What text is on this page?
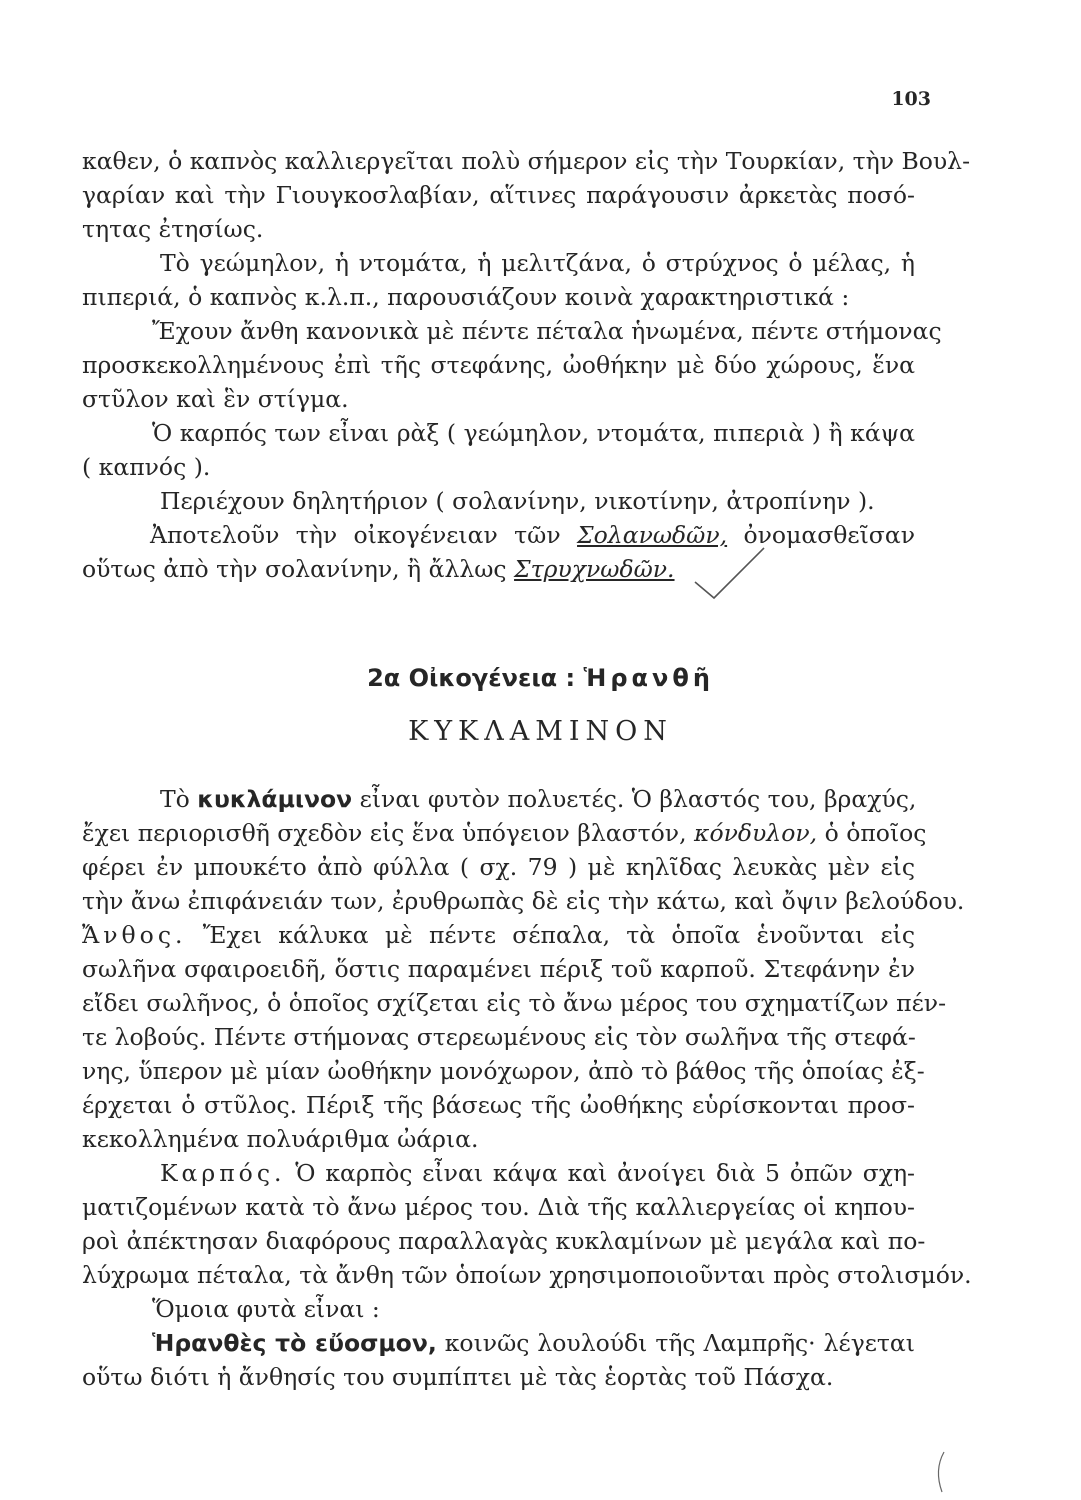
103
καθεν, ὁ καπνὸς καλλιεργεῖται πολὺ σήμερον εἰς τὴν Τουρκίαν, τὴν Βουλ-
γαρίαν καὶ τὴν Γιουγκοσλαβίαν, αἵτινες παράγουσιν ἀρκετὰς ποσό-
τητας ἐτησίως.
Τὸ γεώμηλον, ἡ ντομάτα, ἡ μελιτζάνα, ὁ στρύχνος ὁ μέλας, ἡ
πιπεριά, ὁ καπνὸς κ.λ.π., παρουσιάζουν κοινὰ χαρακτηριστικά :
Ἔχουν ἄνθη κανονικὰ μὲ πέντε πέταλα ἡνωμένα, πέντε στήμονας
προσκεκολλημένους ἐπὶ τῆς στεφάνης, ὠοθήκην μὲ δύο χώρους, ἕνα
στῦλον καὶ ἓν στίγμα.
Ὁ καρπός των εἶναι ρὰξ ( γεώμηλον, ντομάτα, πιπεριὰ ) ἢ κάψα
( καπνός ).
Περιέχουν δηλητήριον ( σολανίνην, νικοτίνην, ἀτροπίνην ).
Ἀποτελοῦν τὴν οἰκογένειαν τῶν Σολανωδῶν, ὀνομασθεῖσαν
οὕτως ἀπὸ τὴν σολανίνην, ἢ ἄλλως Στρυχνωδῶν.
2α Οἰκογένεια : Ἡρανθῆ
ΚΥΚΛΑΜΙΝΟΝ
Τὸ κυκλάμινον εἶναι φυτὸν πολυετές. Ὁ βλαστός του, βραχύς,
ἔχει περιορισθῆ σχεδὸν εἰς ἕνα ὑπόγειον βλαστόν, κόνδυλον, ὁ ὁποῖος
φέρει ἐν μπουκέτο ἀπὸ φύλλα ( σχ. 79 ) μὲ κηλῖδας λευκὰς μὲν εἰς
τὴν ἄνω ἐπιφάνειάν των, ἐρυθρωπὰς δὲ εἰς τὴν κάτω, καὶ ὄψιν βελούδου.
Ἄνθος. Ἔχει κάλυκα μὲ πέντε σέπαλα, τὰ ὁποῖα ἑνοῦνται εἰς
σωλῆνα σφαιροειδῆ, ὅστις παραμένει πέριξ τοῦ καρποῦ. Στεφάνην ἐν
εἴδει σωλῆνος, ὁ ὁποῖος σχίζεται εἰς τὸ ἄνω μέρος του σχηματίζων πέν-
τε λοβούς. Πέντε στήμονας στερεωμένους εἰς τὸν σωλῆνα τῆς στεφά-
νης, ὕπερον μὲ μίαν ὠοθήκην μονόχωρον, ἀπὸ τὸ βάθος τῆς ὁποίας ἐξ-
έρχεται ὁ στῦλος. Πέριξ τῆς βάσεως τῆς ὠοθήκης εὑρίσκονται προσ-
κεκολλημένα πολυάριθμα ὠάρια.
Καρπός. Ὁ καρπὸς εἶναι κάψα καὶ ἀνοίγει διὰ 5 ὀπῶν σχη-
ματιζομένων κατὰ τὸ ἄνω μέρος του. Διὰ τῆς καλλιεργείας οἱ κηπου-
ροὶ ἀπέκτησαν διαφόρους παραλλαγὰς κυκλαμίνων μὲ μεγάλα καὶ πο-
λύχρωμα πέταλα, τὰ ἄνθη τῶν ὁποίων χρησιμοποιοῦνται πρὸς στολισμόν.
Ὅμοια φυτὰ εἶναι :
Ἡρανθὲς τὸ εὔοσμον, κοινῶς λουλούδι τῆς Λαμπρῆς· λέγεται
οὕτω διότι ἡ ἄνθησίς του συμπίπτει μὲ τὰς ἑορτὰς τοῦ Πάσχα.
